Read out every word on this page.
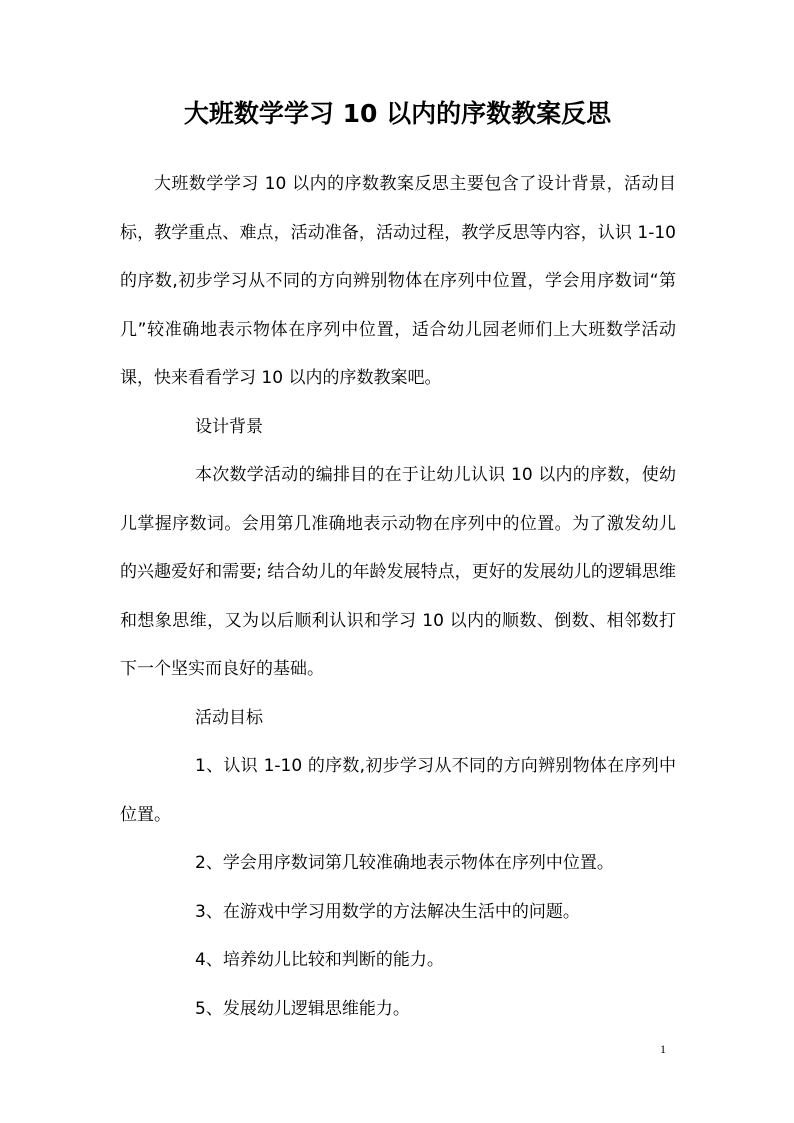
大班数学学习 10 以内的序数教案反思

大班数学学习 10 以内的序数教案反思主要包含了设计背景，活动目标，教学重点、难点，活动准备，活动过程，教学反思等内容，认识 1-10 的序数,初步学习从不同的方向辨别物体在序列中位置，学会用序数词“第几”较准确地表示物体在序列中位置，适合幼儿园老师们上大班数学活动课，快来看看学习 10 以内的序数教案吧。

设计背景

本次数学活动的编排目的在于让幼儿认识 10 以内的序数，使幼儿掌握序数词。会用第几准确地表示动物在序列中的位置。为了激发幼儿的兴趣爱好和需要; 结合幼儿的年龄发展特点，更好的发展幼儿的逻辑思维和想象思维，又为以后顺利认识和学习 10 以内的顺数、倒数、相邻数打下一个坚实而良好的基础。

活动目标

1、认识 1-10 的序数,初步学习从不同的方向辨别物体在序列中位置。

2、学会用序数词第几较准确地表示物体在序列中位置。

3、在游戏中学习用数学的方法解决生活中的问题。

4、培养幼儿比较和判断的能力。

5、发展幼儿逻辑思维能力。

1
